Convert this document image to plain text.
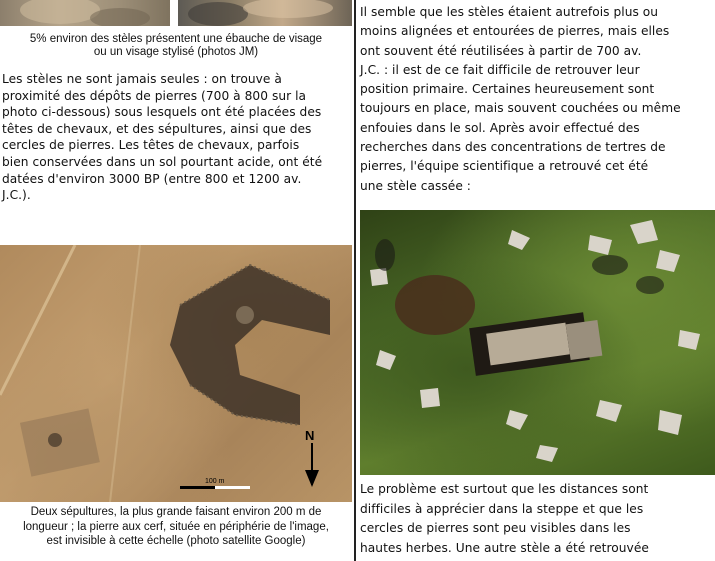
5% environ des stèles présentent une ébauche de visage
ou un visage stylisé (photos JM)
Les stèles ne sont jamais seules : on trouve à
proximité des dépôts de pierres (700 à 800 sur la
photo ci-dessous) sous lesquels ont été placées des
têtes de chevaux, et des sépultures, ainsi que des
cercles de pierres. Les têtes de chevaux, parfois
bien conservées dans un sol pourtant acide, ont été
datées d'environ 3000 BP (entre 800 et 1200 av.
J.C.).
N
100 m
Deux sépultures, la plus grande faisant environ 200 m de
longueur ; la pierre aux cerf, située en périphérie de l'image,
est invisible à cette échelle (photo satellite Google)
Il semble que les stèles étaient autrefois plus ou
moins alignées et entourées de pierres, mais elles
ont souvent été réutilisées à partir de 700 av.
J.C. : il est de ce fait difficile de retrouver leur
position primaire. Certaines heureusement sont
toujours en place, mais souvent couchées ou même
enfouies dans le sol. Après avoir effectué des
recherches dans des concentrations de tertres de
pierres, l'équipe scientifique a retrouvé cet été
une stèle cassée :
Le problème est surtout que les distances sont
difficiles à apprécier dans la steppe et que les
cercles de pierres sont peu visibles dans les
hautes herbes. Une autre stèle a été retrouvée
